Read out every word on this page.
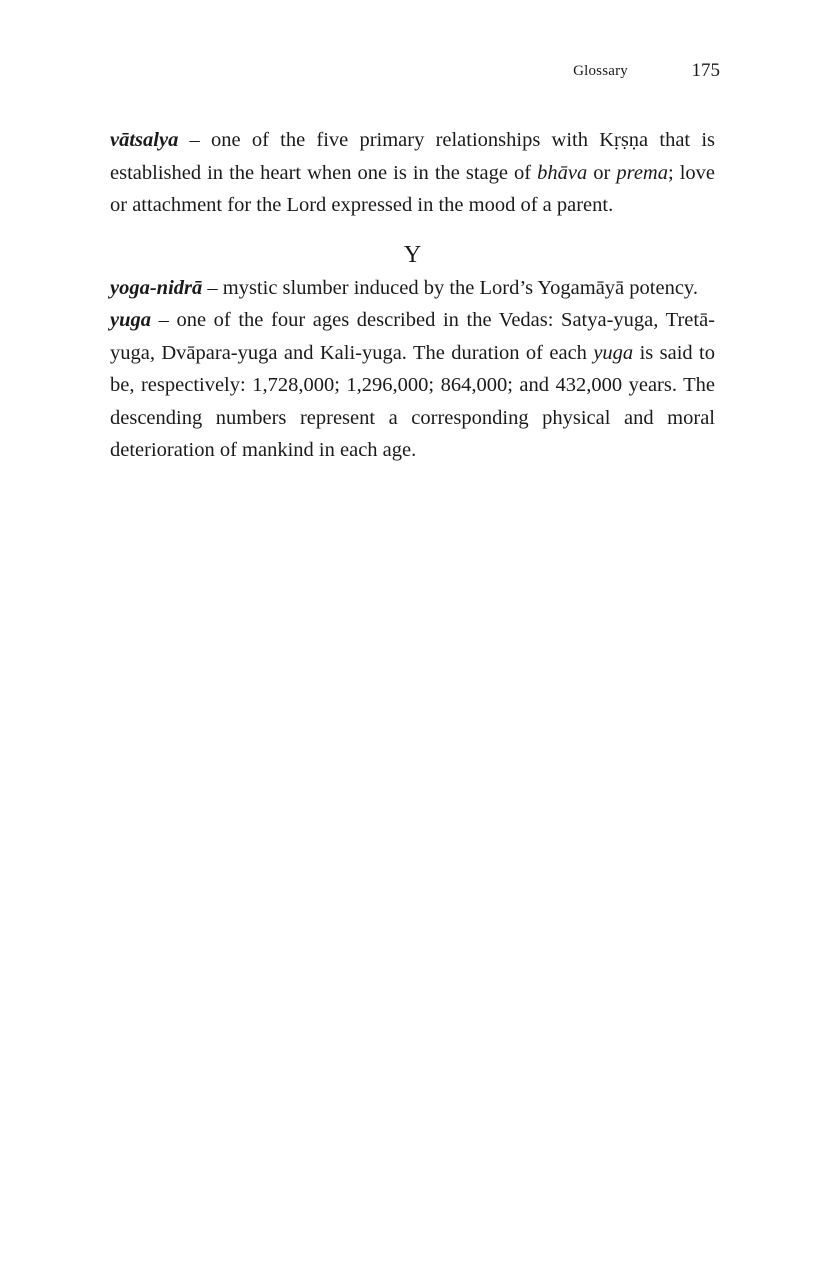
Glossary	175

vātsalya – one of the five primary relationships with Kṛṣṇa that is established in the heart when one is in the stage of bhāva or prema; love or attachment for the Lord expressed in the mood of a parent.

Y

yoga-nidrā – mystic slumber induced by the Lord’s Yogamāyā potency.

yuga – one of the four ages described in the Vedas: Satya-yuga, Tretā-yuga, Dvāpara-yuga and Kali-yuga. The duration of each yuga is said to be, respectively: 1,728,000; 1,296,000; 864,000; and 432,000 years. The descending numbers represent a corresponding physical and moral deterioration of mankind in each age.
